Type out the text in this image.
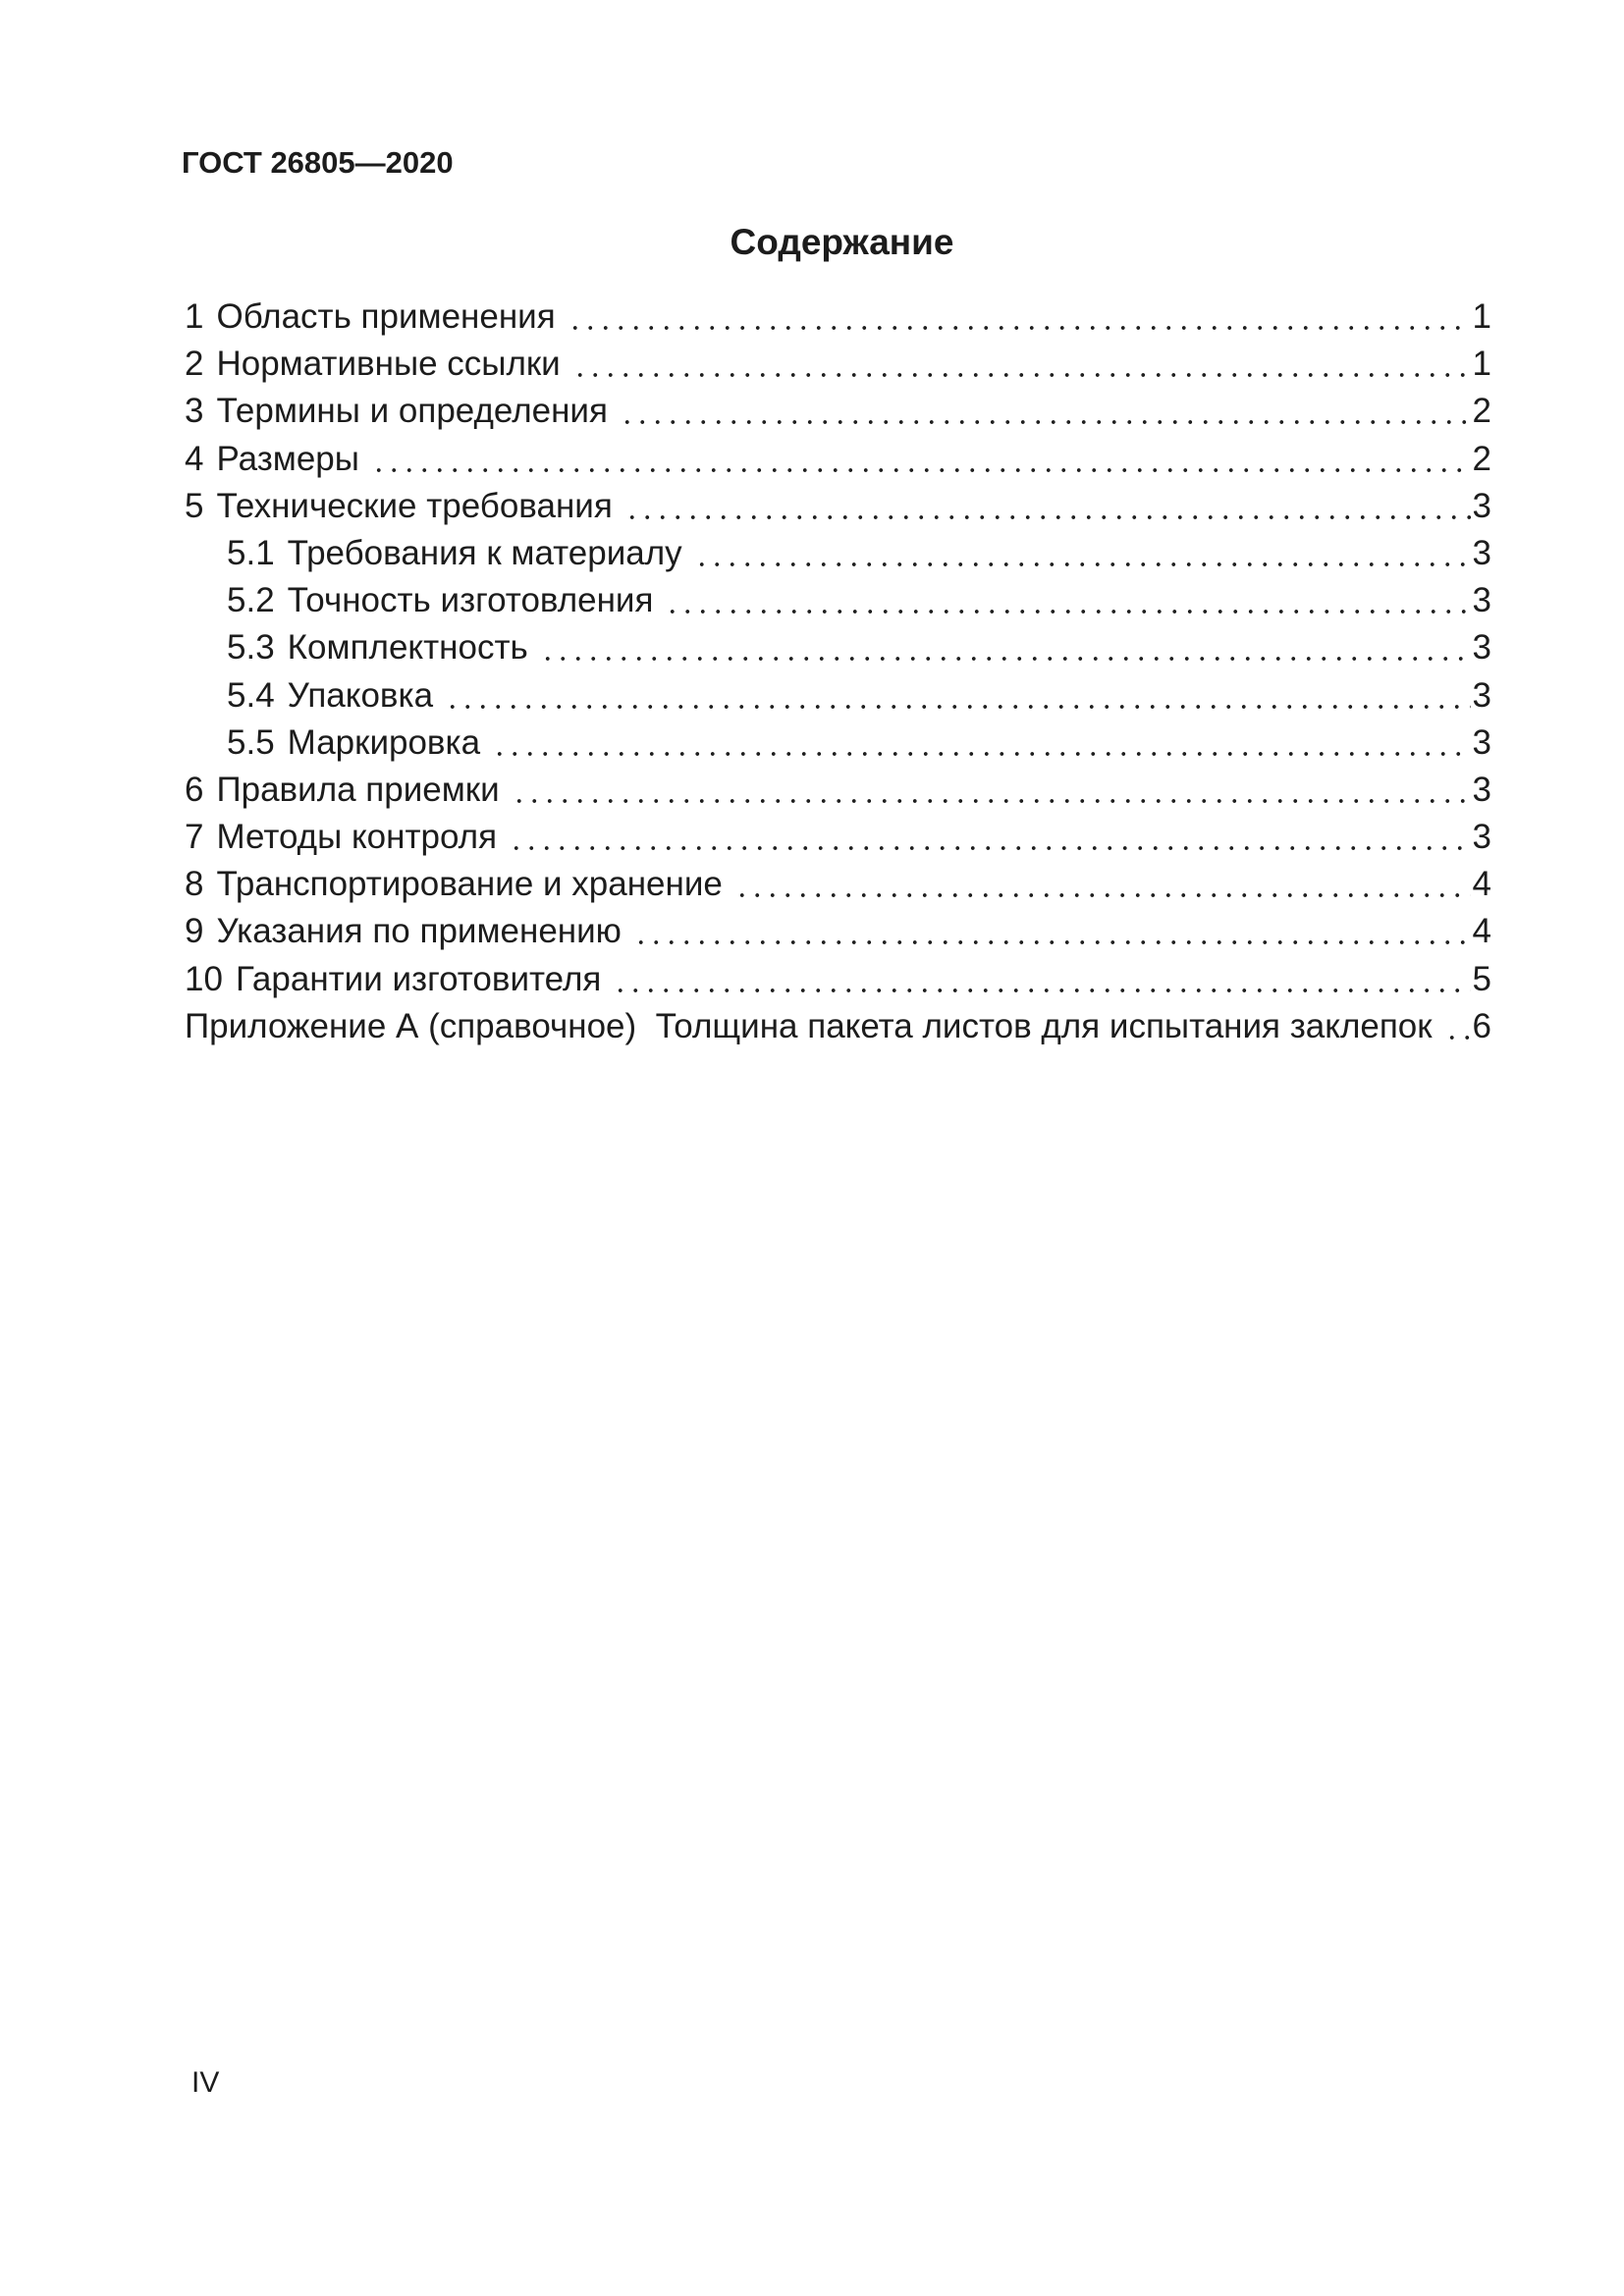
ГОСТ 26805—2020
Содержание
1 Область применения	1
2 Нормативные ссылки	1
3 Термины и определения	2
4 Размеры	2
5 Технические требования	3
5.1 Требования к материалу	3
5.2 Точность изготовления	3
5.3 Комплектность	3
5.4 Упаковка	3
5.5 Маркировка	3
6 Правила приемки	3
7 Методы контроля	3
8 Транспортирование и хранение	4
9 Указания по применению	4
10 Гарантии изготовителя	5
Приложение А (справочное)  Толщина пакета листов для испытания заклепок 6
IV
